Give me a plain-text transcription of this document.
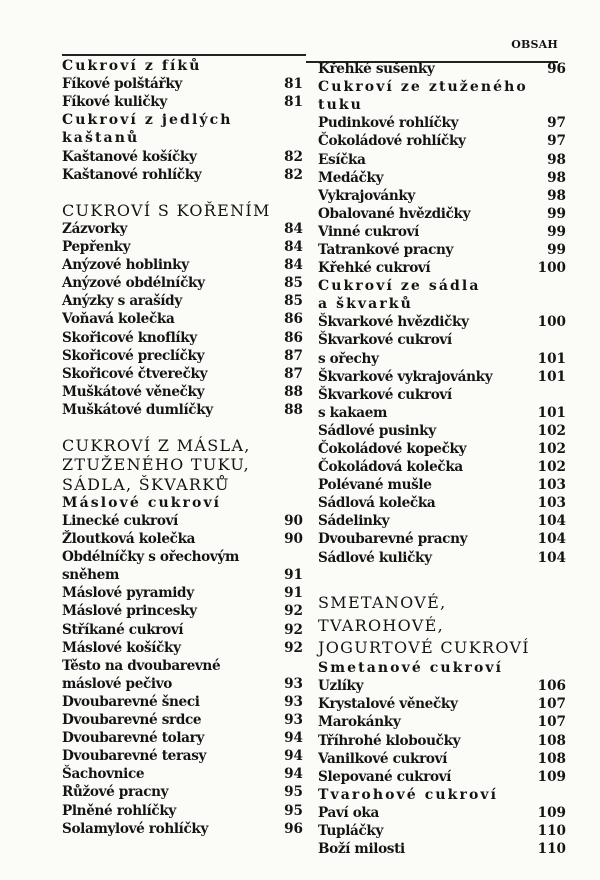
OBSAH
Cukroví z fíků
Fíkové polštářky	81
Fíkové kuličky	81
Cukroví z jedlých
kaštanů
Kaštanové košíčky	82
Kaštanové rohlíčky	82
CUKROVÍ S KOŘENÍM
Zázvorky	84
Pepřenky	84
Anýzové hoblinky	84
Anýzové obdélníčky	85
Anýzky s arašídy	85
Voňavá kolečka	86
Skořicové knoflíky	86
Skořicové preclíčky	87
Skořicové čtverečky	87
Muškátové věnečky	88
Muškátové dumlíčky	88
CUKROVÍ Z MÁSLA,
ZTUŽENÉHO TUKU,
SÁDLA, ŠKVARKŮ
Máslové cukroví
Linecké cukroví	90
Žloutková kolečka	90
Obdélníčky s ořechovým
sněhem	91
Máslové pyramidy	91
Máslové princesky	92
Stříkané cukroví	92
Máslové košíčky	92
Těsto na dvoubarevné
máslové pečivo	93
Dvoubarevné šneci	93
Dvoubarevné srdce	93
Dvoubarevné tolary	94
Dvoubarevné terasy	94
Šachovnice	94
Růžové pracny	95
Plněné rohlíčky	95
Solamylové rohlíčky	96
Křehké sušenky	96
Cukroví ze ztuženého
tuku
Pudinkové rohlíčky	97
Čokoládové rohlíčky	97
Esíčka	98
Medáčky	98
Vykrajovánky	98
Obalované hvězdičky	99
Vinné cukroví	99
Tatrankové pracny	99
Křehké cukroví	100
Cukroví ze sádla
a škvarků
Škvarkové hvězdičky	100
Škvarkové cukroví
s ořechy	101
Škvarkové vykrajovánky	101
Škvarkové cukroví
s kakaem	101
Sádlové pusinky	102
Čokoládové kopečky	102
Čokoládová kolečka	102
Polévané mušle	103
Sádlová kolečka	103
Sádelinky	104
Dvoubarevné pracny	104
Sádlové kuličky	104
SMETANOVÉ,
TVAROHOVÉ,
JOGURTOVÉ CUKROVÍ
Smetanové cukroví
Uzlíky	106
Krystalové věnečky	107
Marokánky	107
Tříhrohé kloboučky	108
Vanilkové cukroví	108
Slepované cukroví	109
Tvarohové cukroví
Paví oka	109
Tupláčky	110
Boží milosti	110
